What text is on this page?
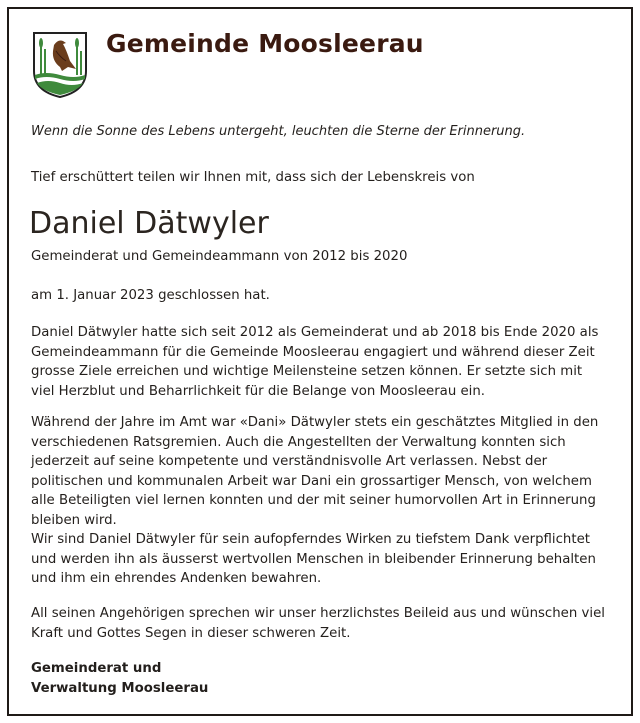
Gemeinde Moosleerau
Wenn die Sonne des Lebens untergeht, leuchten die Sterne der Erinnerung.
Tief erschüttert teilen wir Ihnen mit, dass sich der Lebenskreis von
Daniel Dätwyler
Gemeinderat und Gemeindeammann von 2012 bis 2020
am 1. Januar 2023 geschlossen hat.

Daniel Dätwyler hatte sich seit 2012 als Gemeinderat und ab 2018 bis Ende 2020 als Gemeindeammann für die Gemeinde Moosleerau engagiert und während dieser Zeit grosse Ziele erreichen und wichtige Meilensteine setzen können. Er setzte sich mit viel Herzblut und Beharrlichkeit für die Belange von Moosleerau ein.

Während der Jahre im Amt war «Dani» Dätwyler stets ein geschätztes Mitglied in den verschiedenen Ratsgremien. Auch die Angestellten der Verwaltung konnten sich jederzeit auf seine kompetente und verständnisvolle Art verlassen. Nebst der politischen und kommunalen Arbeit war Dani ein grossartiger Mensch, von welchem alle Beteiligten viel lernen konnten und der mit seiner humorvollen Art in Erinnerung bleiben wird.

Wir sind Daniel Dätwyler für sein aufopferndes Wirken zu tiefstem Dank verpflichtet und werden ihn als äusserst wertvollen Menschen in bleibender Erinnerung behalten und ihm ein ehrendes Andenken bewahren.

All seinen Angehörigen sprechen wir unser herzlichstes Beileid aus und wünschen viel Kraft und Gottes Segen in dieser schweren Zeit.

Gemeinderat und
Verwaltung Moosleerau
